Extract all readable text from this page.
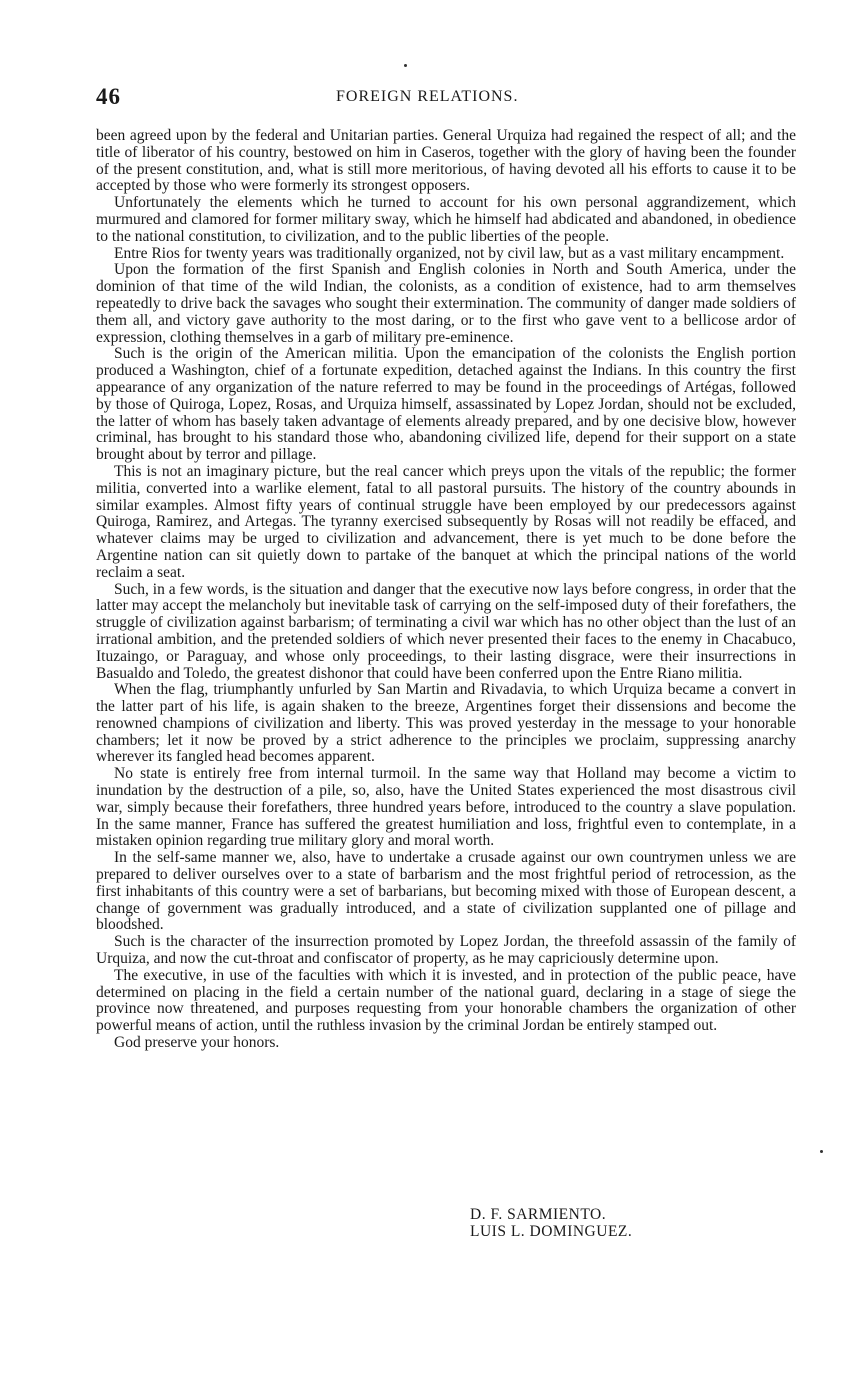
46	FOREIGN RELATIONS.

been agreed upon by the federal and Unitarian parties. General Urquiza had regained the respect of all; and the title of liberator of his country, bestowed on him in Caseros, together with the glory of having been the founder of the present constitution, and, what is still more meritorious, of having devoted all his efforts to cause it to be accepted by those who were formerly its strongest opposers.

Unfortunately the elements which he turned to account for his own personal aggrandizement, which murmured and clamored for former military sway, which he himself had abdicated and abandoned, in obedience to the national constitution, to civilization, and to the public liberties of the people.

Entre Rios for twenty years was traditionally organized, not by civil law, but as a vast military encampment.

Upon the formation of the first Spanish and English colonies in North and South America, under the dominion of that time of the wild Indian, the colonists, as a condition of existence, had to arm themselves repeatedly to drive back the savages who sought their extermination. The community of danger made soldiers of them all, and victory gave authority to the most daring, or to the first who gave vent to a bellicose ardor of expression, clothing themselves in a garb of military pre-eminence.

Such is the origin of the American militia. Upon the emancipation of the colonists the English portion produced a Washington, chief of a fortunate expedition, detached against the Indians. In this country the first appearance of any organization of the nature referred to may be found in the proceedings of Artégas, followed by those of Quiroga, Lopez, Rosas, and Urquiza himself, assassinated by Lopez Jordan, should not be excluded, the latter of whom has basely taken advantage of elements already prepared, and by one decisive blow, however criminal, has brought to his standard those who, abandoning civilized life, depend for their support on a state brought about by terror and pillage.

This is not an imaginary picture, but the real cancer which preys upon the vitals of the republic; the former militia, converted into a warlike element, fatal to all pastoral pursuits. The history of the country abounds in similar examples. Almost fifty years of continual struggle have been employed by our predecessors against Quiroga, Ramirez, and Artegas. The tyranny exercised subsequently by Rosas will not readily be effaced, and whatever claims may be urged to civilization and advancement, there is yet much to be done before the Argentine nation can sit quietly down to partake of the banquet at which the principal nations of the world reclaim a seat.

Such, in a few words, is the situation and danger that the executive now lays before congress, in order that the latter may accept the melancholy but inevitable task of carrying on the self-imposed duty of their forefathers, the struggle of civilization against barbarism; of terminating a civil war which has no other object than the lust of an irrational ambition, and the pretended soldiers of which never presented their faces to the enemy in Chacabuco, Ituzaingo, or Paraguay, and whose only proceedings, to their lasting disgrace, were their insurrections in Basualdo and Toledo, the greatest dishonor that could have been conferred upon the Entre Riano militia.

When the flag, triumphantly unfurled by San Martin and Rivadavia, to which Urquiza became a convert in the latter part of his life, is again shaken to the breeze, Argentines forget their dissensions and become the renowned champions of civilization and liberty. This was proved yesterday in the message to your honorable chambers; let it now be proved by a strict adherence to the principles we proclaim, suppressing anarchy wherever its fangled head becomes apparent.

No state is entirely free from internal turmoil. In the same way that Holland may become a victim to inundation by the destruction of a pile, so, also, have the United States experienced the most disastrous civil war, simply because their forefathers, three hundred years before, introduced to the country a slave population. In the same manner, France has suffered the greatest humiliation and loss, frightful even to contemplate, in a mistaken opinion regarding true military glory and moral worth.

In the self-same manner we, also, have to undertake a crusade against our own countrymen unless we are prepared to deliver ourselves over to a state of barbarism and the most frightful period of retrocession, as the first inhabitants of this country were a set of barbarians, but becoming mixed with those of European descent, a change of government was gradually introduced, and a state of civilization supplanted one of pillage and bloodshed.

Such is the character of the insurrection promoted by Lopez Jordan, the threefold assassin of the family of Urquiza, and now the cut-throat and confiscator of property, as he may capriciously determine upon.

The executive, in use of the faculties with which it is invested, and in protection of the public peace, have determined on placing in the field a certain number of the national guard, declaring in a stage of siege the province now threatened, and purposes requesting from your honorable chambers the organization of other powerful means of action, until the ruthless invasion by the criminal Jordan be entirely stamped out.

God preserve your honors.

D. F. SARMIENTO.
LUIS L. DOMINGUEZ.
